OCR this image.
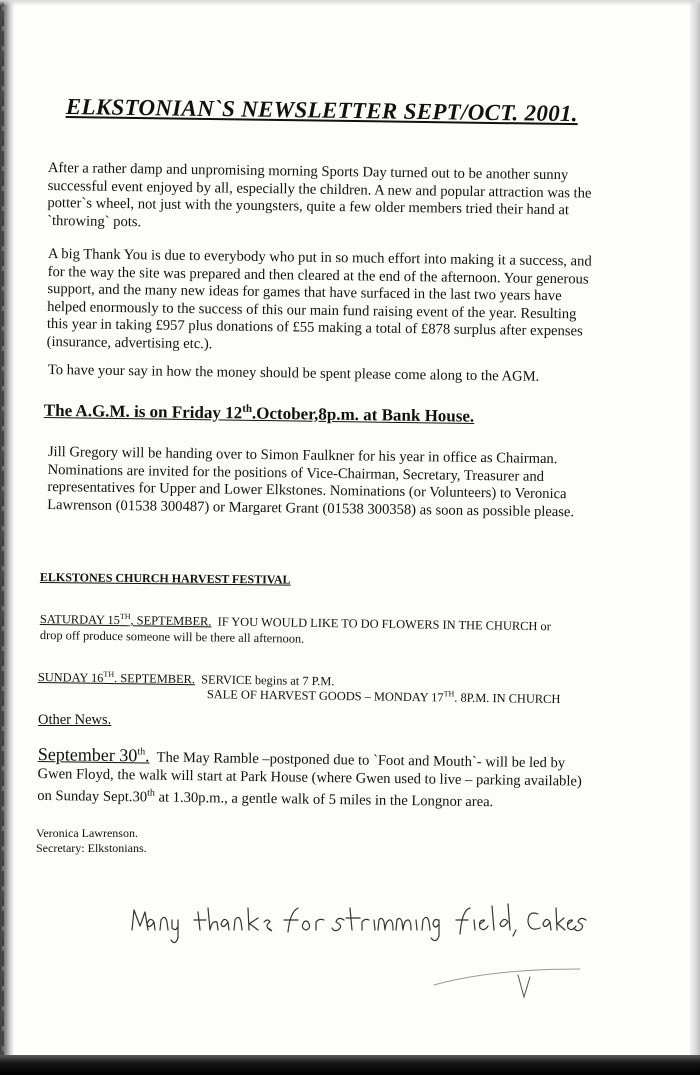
ELKSTONIAN`S NEWSLETTER SEPT/OCT. 2001.
After a rather damp and unpromising morning Sports Day turned out to be another sunny successful event enjoyed by all, especially the children. A new and popular attraction was the potter`s wheel, not just with the youngsters, quite a few older members tried their hand at `throwing` pots.
A big Thank You is due to everybody who put in so much effort into making it a success, and for the way the site was prepared and then cleared at the end of the afternoon. Your generous support, and the many new ideas for games that have surfaced in the last two years have helped enormously to the success of this our main fund raising event of the year. Resulting this year in taking £957 plus donations of £55 making a total of £878 surplus after expenses (insurance, advertising etc.).
To have your say in how the money should be spent please come along to the AGM.
The A.G.M. is on Friday 12th.October,8p.m. at Bank House.
Jill Gregory will be handing over to Simon Faulkner for his year in office as Chairman. Nominations are invited for the positions of Vice-Chairman, Secretary, Treasurer and representatives for Upper and Lower Elkstones. Nominations (or Volunteers) to Veronica Lawrenson (01538 300487) or Margaret Grant (01538 300358) as soon as possible please.
ELKSTONES CHURCH HARVEST FESTIVAL
SATURDAY 15TH, SEPTEMBER. IF YOU WOULD LIKE TO DO FLOWERS IN THE CHURCH or
drop off produce someone will be there all afternoon.
SUNDAY 16TH. SEPTEMBER. SERVICE begins at 7 P.M.
SALE OF HARVEST GOODS – MONDAY 17TH. 8P.M. IN CHURCH
Other News.
September 30th. The May Ramble –postponed due to `Foot and Mouth`- will be led by Gwen Floyd, the walk will start at Park House (where Gwen used to live – parking available) on Sunday Sept.30th at 1.30p.m., a gentle walk of 5 miles in the Longnor area.
Veronica Lawrenson.
Secretary: Elkstonians.
